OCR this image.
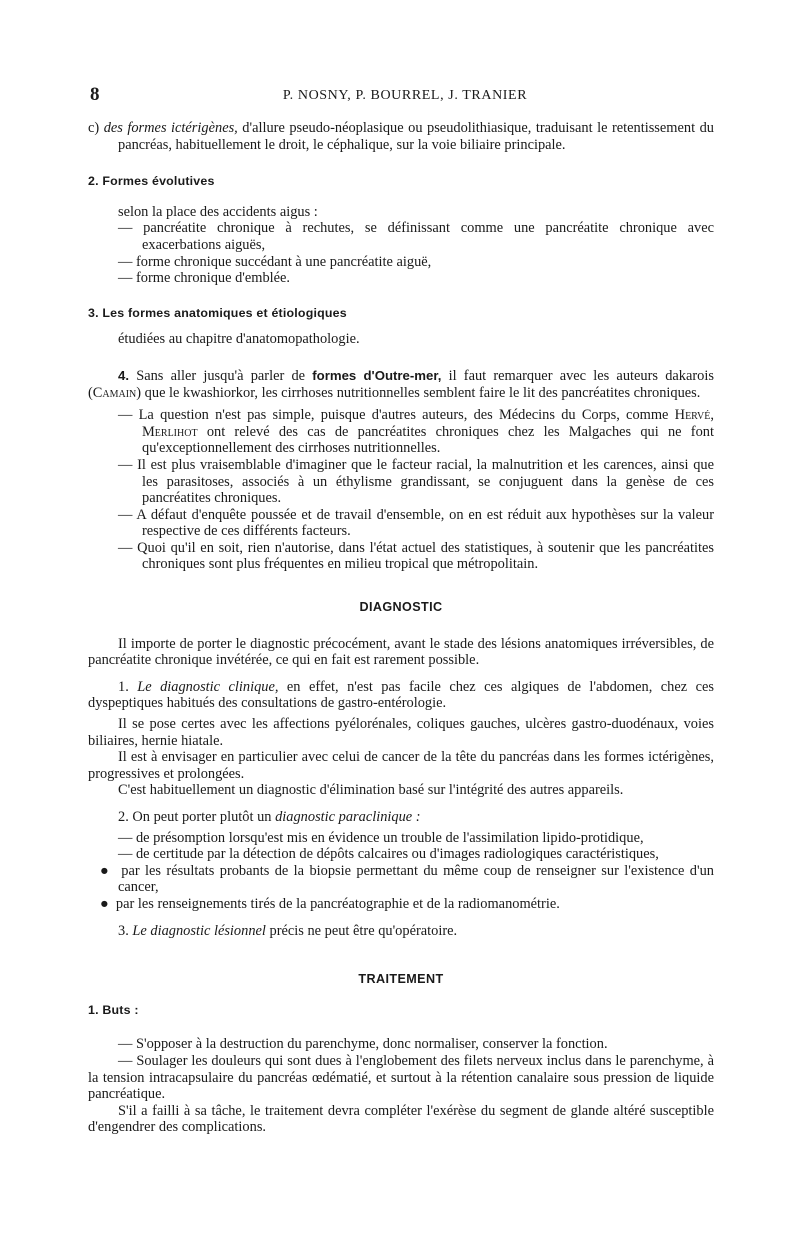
8	P. NOSNY, P. BOURREL, J. TRANIER

c) des formes ictérigènes, d'allure pseudo-néoplasique ou pseudolithiasique, traduisant le retentissement du pancréas, habituellement le droit, le céphalique, sur la voie biliaire principale.

2. Formes évolutives

selon la place des accidents aigus :

— pancréatite chronique à rechutes, se définissant comme une pancréatite chronique avec exacerbations aiguës,

— forme chronique succédant à une pancréatite aiguë,

— forme chronique d'emblée.

3. Les formes anatomiques et étiologiques

étudiées au chapitre d'anatomopathologie.

4. Sans aller jusqu'à parler de formes d'Outre-mer, il faut remarquer avec les auteurs dakarois (Camain) que le kwashiorkor, les cirrhoses nutritionnelles semblent faire le lit des pancréatites chroniques.

— La question n'est pas simple, puisque d'autres auteurs, des Médecins du Corps, comme Hervé, Merlihot ont relevé des cas de pancréatites chroniques chez les Malgaches qui ne font qu'exceptionnellement des cirrhoses nutritionnelles.

— Il est plus vraisemblable d'imaginer que le facteur racial, la malnutrition et les carences, ainsi que les parasitoses, associés à un éthylisme grandissant, se conjuguent dans la genèse de ces pancréatites chroniques.

— A défaut d'enquête poussée et de travail d'ensemble, on en est réduit aux hypothèses sur la valeur respective de ces différents facteurs.

— Quoi qu'il en soit, rien n'autorise, dans l'état actuel des statistiques, à soutenir que les pancréatites chroniques sont plus fréquentes en milieu tropical que métropolitain.

DIAGNOSTIC

Il importe de porter le diagnostic précocément, avant le stade des lésions anatomiques irréversibles, de pancréatite chronique invétérée, ce qui en fait est rarement possible.

1. Le diagnostic clinique, en effet, n'est pas facile chez ces algiques de l'abdomen, chez ces dyspeptiques habitués des consultations de gastro-entérologie.

Il se pose certes avec les affections pyélorénales, coliques gauches, ulcères gastro-duodénaux, voies biliaires, hernie hiatale.

Il est à envisager en particulier avec celui de cancer de la tête du pancréas dans les formes ictérigènes, progressives et prolongées.

C'est habituellement un diagnostic d'élimination basé sur l'intégrité des autres appareils.

2. On peut porter plutôt un diagnostic paraclinique :

— de présomption lorsqu'est mis en évidence un trouble de l'assimilation lipido-protidique,

— de certitude par la détection de dépôts calcaires ou d'images radiologiques caractéristiques,

●  par les résultats probants de la biopsie permettant du même coup de renseigner sur l'existence d'un cancer,

●  par les renseignements tirés de la pancréatographie et de la radiomanométrie.

3. Le diagnostic lésionnel précis ne peut être qu'opératoire.

TRAITEMENT

1. Buts :

— S'opposer à la destruction du parenchyme, donc normaliser, conserver la fonction.

— Soulager les douleurs qui sont dues à l'englobement des filets nerveux inclus dans le parenchyme, à la tension intracapsulaire du pancréas œdématié, et surtout à la rétention canalaire sous pression de liquide pancréatique.

S'il a failli à sa tâche, le traitement devra compléter l'exérèse du segment de glande altéré susceptible d'engendrer des complications.
